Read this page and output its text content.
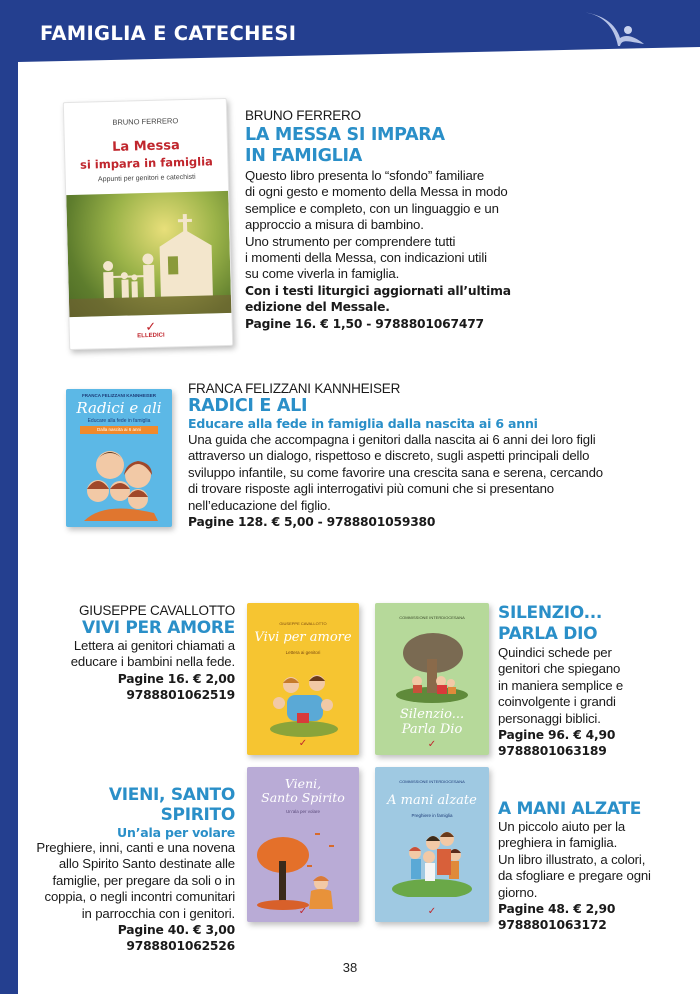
FAMIGLIA E CATECHESI
BRUNO FERRERO
La Messa
si impara in famiglia
Appunti per genitori e catechisti
✓
ELLEDICI
BRUNO FERRERO
LA MESSA SI IMPARA
IN FAMIGLIA
Questo libro presenta lo “sfondo” familiare
di ogni gesto e momento della Messa in modo
semplice e completo, con un linguaggio e un
approccio a misura di bambino.
Uno strumento per comprendere tutti
i momenti della Messa, con indicazioni utili
su come viverla in famiglia.
Con i testi liturgici aggiornati all’ultima
edizione del Messale.
Pagine 16. € 1,50 - 9788801067477
FRANCA FELIZZANI KANNHEISER
Radici e ali
Educare alla fede in famiglia
Dalla nascita ai 6 anni
FRANCA FELIZZANI KANNHEISER
RADICI E ALI
Educare alla fede in famiglia dalla nascita ai 6 anni
Una guida che accompagna i genitori dalla nascita ai 6 anni dei loro figli
attraverso un dialogo, rispettoso e discreto, sugli aspetti principali dello
sviluppo infantile, su come favorire una crescita sana e serena, cercando
di trovare risposte agli interrogativi più comuni che si presentano
nell’educazione del figlio.
Pagine 128. € 5,00 - 9788801059380
GIUSEPPE CAVALLOTTO
VIVI PER AMORE
Lettera ai genitori chiamati a
educare i bambini nella fede.
Pagine 16. € 2,00
9788801062519
GIUSEPPE CAVALLOTTO
Vivi per amore
Lettera ai genitori
✓
COMMISSIONE INTERDIOCESANA
Silenzio...
Parla Dio
✓
SILENZIO...
PARLA DIO
Quindici schede per
genitori che spiegano
in maniera semplice e
coinvolgente i grandi
personaggi biblici.
Pagine 96. € 4,90
9788801063189
VIENI, SANTO SPIRITO
Un’ala per volare
Preghiere, inni, canti e una novena
allo Spirito Santo destinate alle
famiglie, per pregare da soli o in
coppia, o negli incontri comunitari
in parrocchia con i genitori.
Pagine 40. € 3,00
9788801062526
Vieni,
Santo Spirito
Un’ala per volare
✓
COMMISSIONE INTERDIOCESANA
A mani alzate
Preghiere in famiglia
✓
A MANI ALZATE
Un piccolo aiuto per la
preghiera in famiglia.
Un libro illustrato, a colori,
da sfogliare e pregare ogni
giorno.
Pagine 48. € 2,90
9788801063172
38
